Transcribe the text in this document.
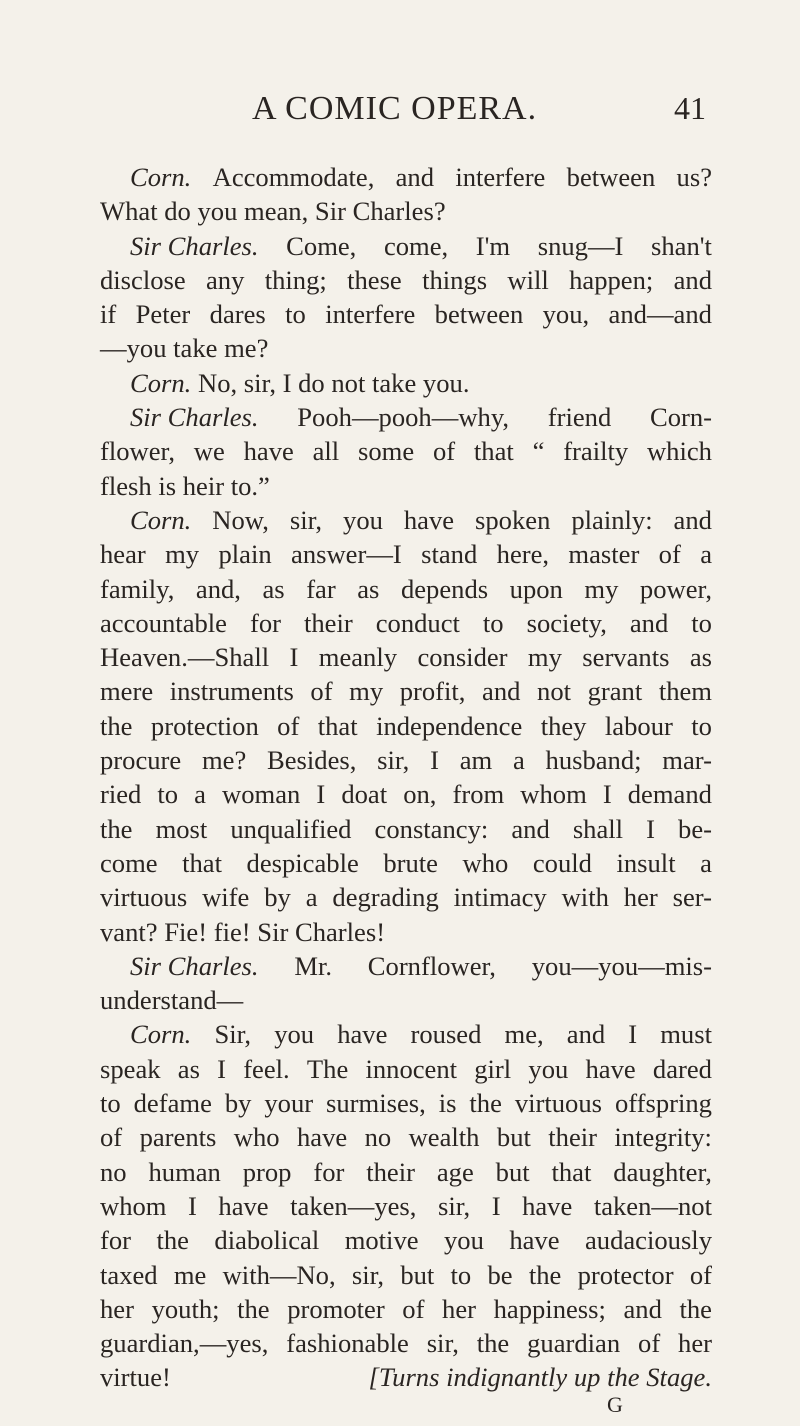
A COMIC OPERA.	41
Corn. Accommodate, and interfere between us?
What do you mean, Sir Charles?
Sir Charles. Come, come, I'm snug—I shan't
disclose any thing; these things will happen; and
if Peter dares to interfere between you, and—and
—you take me?
Corn. No, sir, I do not take you.
Sir Charles. Pooh—pooh—why, friend Corn-
flower, we have all some of that “ frailty which
flesh is heir to.”
Corn. Now, sir, you have spoken plainly: and
hear my plain answer—I stand here, master of a
family, and, as far as depends upon my power,
accountable for their conduct to society, and to
Heaven.—Shall I meanly consider my servants as
mere instruments of my profit, and not grant them
the protection of that independence they labour to
procure me? Besides, sir, I am a husband; mar-
ried to a woman I doat on, from whom I demand
the most unqualified constancy: and shall I be-
come that despicable brute who could insult a
virtuous wife by a degrading intimacy with her ser-
vant? Fie! fie! Sir Charles!
Sir Charles. Mr. Cornflower, you—you—mis-
understand—
Corn. Sir, you have roused me, and I must
speak as I feel. The innocent girl you have dared
to defame by your surmises, is the virtuous offspring
of parents who have no wealth but their integrity:
no human prop for their age but that daughter,
whom I have taken—yes, sir, I have taken—not
for the diabolical motive you have audaciously
taxed me with—No, sir, but to be the protector of
her youth; the promoter of her happiness; and the
guardian,—yes, fashionable sir, the guardian of her
virtue!	[Turns indignantly up the Stage.
G
